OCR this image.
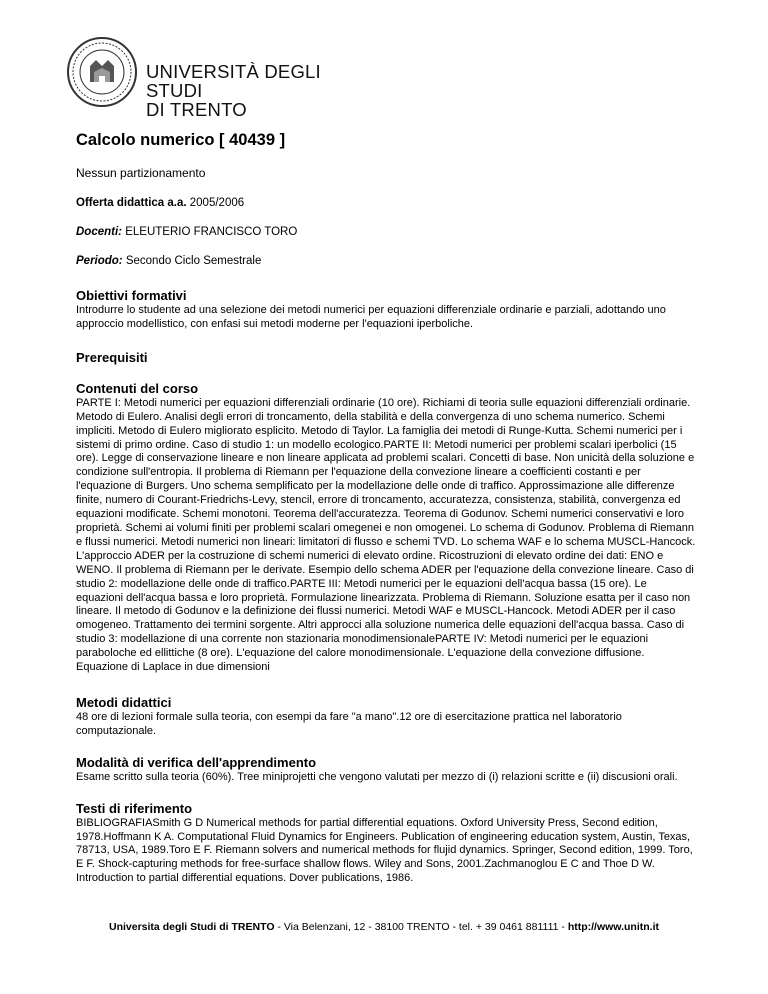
UNIVERSITÀ DEGLI STUDI
DI TRENTO
Calcolo numerico [ 40439 ]
Nessun partizionamento
Offerta didattica a.a. 2005/2006
Docenti: ELEUTERIO FRANCISCO TORO
Periodo: Secondo Ciclo Semestrale
Obiettivi formativi

Introdurre lo studente ad una selezione dei metodi numerici per equazioni differenziale ordinarie e parziali, adottando uno approccio modellistico, con enfasi sui metodi moderne per l'equazioni iperboliche.

Prerequisiti
Contenuti del corso

PARTE I: Metodi numerici per equazioni differenziali ordinarie (10 ore). Richiami di teoria sulle equazioni differenziali ordinarie. Metodo di Eulero. Analisi degli errori di troncamento, della stabilità e della convergenza di uno schema numerico. Schemi impliciti. Metodo di Eulero migliorato esplicito. Metodo di Taylor. La famiglia dei metodi di Runge-Kutta. Schemi numerici per i sistemi di primo ordine. Caso di studio 1: un modello ecologico.PARTE II: Metodi numerici per problemi scalari iperbolici (15 ore). Legge di conservazione lineare e non lineare applicata ad problemi scalari. Concetti di base. Non unicità della soluzione e condizione sull'entropia. Il problema di Riemann per l'equazione della convezione lineare a coefficienti costanti e per l'equazione di Burgers. Uno schema semplificato per la modellazione delle onde di traffico. Approssimazione alle differenze finite, numero di Courant-Friedrichs-Levy, stencil, errore di troncamento, accuratezza, consistenza, stabilità, convergenza ed equazioni modificate. Schemi monotoni. Teorema dell'accuratezza. Teorema di Godunov. Schemi numerici conservativi e loro proprietà. Schemi ai volumi finiti per problemi scalari omegenei e non omogenei. Lo schema di Godunov. Problema di Riemann e flussi numerici. Metodi numerici non lineari: limitatori di flusso e schemi TVD. Lo schema WAF e lo schema MUSCL-Hancock. L'approccio ADER per la costruzione di schemi numerici di elevato ordine. Ricostruzioni di elevato ordine dei dati: ENO e WENO. Il problema di Riemann per le derivate. Esempio dello schema ADER per l'equazione della convezione lineare. Caso di studio 2: modellazione delle onde di traffico.PARTE III: Metodi numerici per le equazioni dell'acqua bassa (15 ore). Le equazioni dell'acqua bassa e loro proprietà. Formulazione linearizzata. Problema di Riemann. Soluzione esatta per il caso non lineare. Il metodo di Godunov e la definizione dei flussi numerici. Metodi WAF e MUSCL-Hancock. Metodi ADER per il caso omogeneo. Trattamento dei termini sorgente. Altri approcci alla soluzione numerica delle equazioni dell'acqua bassa. Caso di studio 3: modellazione di una corrente non stazionaria monodimensionalePARTE IV: Metodi numerici per le equazioni paraboloche ed ellittiche (8 ore). L'equazione del calore monodimensionale. L'equazione della convezione diffusione. Equazione di Laplace in due dimensioni

Metodi didattici

48 ore di lezioni formale sulla teoria, con esempi da fare "a mano".12 ore di esercitazione prattica nel laboratorio computazionale.

Modalità di verifica dell'apprendimento

Esame scritto sulla teoria (60%). Tree miniprojetti che vengono valutati per mezzo di (i) relazioni scritte e (ii) discusioni orali.

Testi di riferimento

BIBLIOGRAFIASmith G D Numerical methods for partial differential equations. Oxford University Press, Second edition, 1978.Hoffmann K A. Computational Fluid Dynamics for Engineers. Publication of engineering education system, Austin, Texas, 78713, USA, 1989.Toro E F. Riemann solvers and numerical methods for flujid dynamics. Springer, Second edition, 1999. Toro, E F. Shock-capturing methods for free-surface shallow flows. Wiley and Sons, 2001.Zachmanoglou E C and Thoe D W. Introduction to partial differential equations. Dover publications, 1986.

Universita degli Studi di TRENTO - Via Belenzani, 12 - 38100 TRENTO - tel. + 39 0461 881111 - http://www.unitn.it
